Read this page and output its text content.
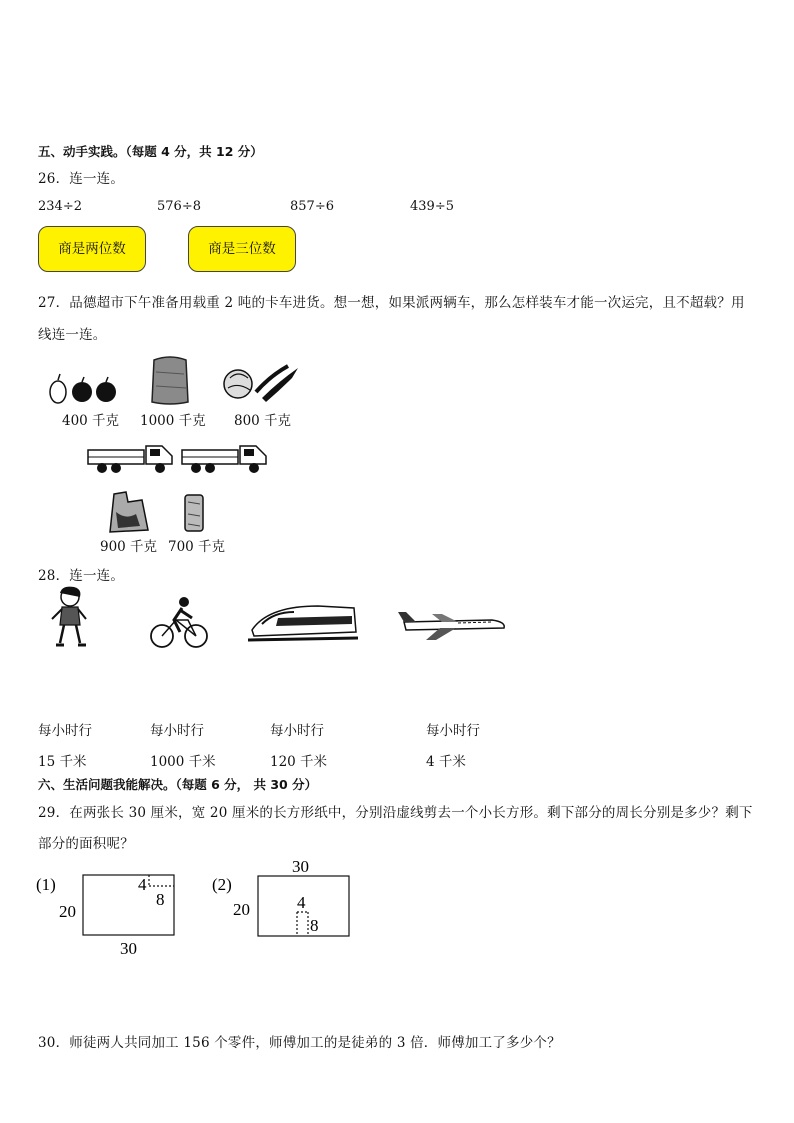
五、动手实践。（每题 4 分，共 12 分）
26．连一连。
234÷2	576÷8	857÷6	439÷5
商是两位数	商是三位数
27．品德超市下午准备用载重 2 吨的卡车进货。想一想，如果派两辆车，那么怎样装车才能一次运完，且不超载？用
线连一连。
400 千克 1000 千克 800 千克
900 千克 700 千克
28．连一连。
每小时行	每小时行	每小时行	每小时行
15 千米	1000 千米	120 千米	4 千米
六、生活问题我能解决。（每题 6 分， 共 30 分）
29．在两张长 30 厘米，宽 20 厘米的长方形纸中，分别沿虚线剪去一个小长方形。剩下部分的周长分别是多少？剩下
部分的面积呢？
(1)	4
8
20
30
(2)
30
4
8
20
30．师徒两人共同加工 156 个零件，师傅加工的是徒弟的 3 倍．师傅加工了多少个？
